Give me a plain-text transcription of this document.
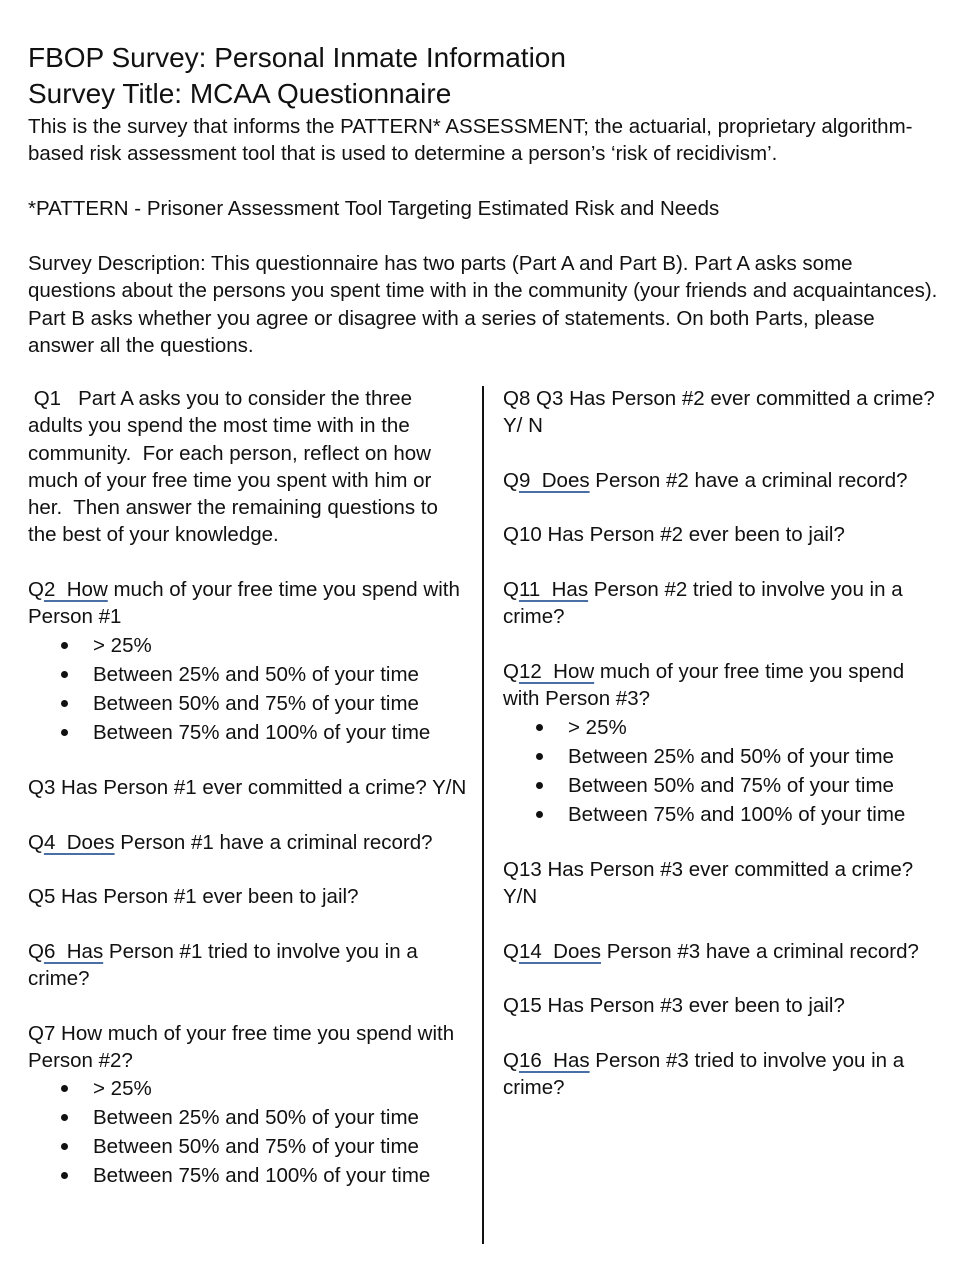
FBOP Survey: Personal Inmate Information
Survey Title: MCAA Questionnaire

This is the survey that informs the PATTERN* ASSESSMENT; the actuarial, proprietary algorithm-based risk assessment tool that is used to determine a person’s ‘risk of recidivism’.

*PATTERN - Prisoner Assessment Tool Targeting Estimated Risk and Needs

Survey Description: This questionnaire has two parts (Part A and Part B). Part A asks some questions about the persons you spent time with in the community (your friends and acquaintances). Part B asks whether you agree or disagree with a series of statements. On both Parts, please answer all the questions.

Q1   Part A asks you to consider the three adults you spend the most time with in the community.  For each person, reflect on how much of your free time you spent with him or her.  Then answer the remaining questions to the best of your knowledge.

Q2  How much of your free time you spend with Person #1
> 25%
Between 25% and 50% of your time
Between 50% and 75% of your time
Between 75% and 100% of your time

Q3 Has Person #1 ever committed a crime? Y/N

Q4  Does Person #1 have a criminal record?

Q5 Has Person #1 ever been to jail?

Q6  Has Person #1 tried to involve you in a crime?

Q7 How much of your free time you spend with Person #2?
> 25%
Between 25% and 50% of your time
Between 50% and 75% of your time
Between 75% and 100% of your time

Q8 Q3 Has Person #2 ever committed a crime?   Y/ N

Q9  Does Person #2 have a criminal record?

Q10 Has Person #2 ever been to jail?

Q11  Has Person #2 tried to involve you in a crime?

Q12  How much of your free time you spend with Person #3?
> 25%
Between 25% and 50% of your time
Between 50% and 75% of your time
Between 75% and 100% of your time

Q13 Has Person #3 ever committed a crime?  Y/N

Q14  Does Person #3 have a criminal record?

Q15 Has Person #3 ever been to jail?

Q16  Has Person #3 tried to involve you in a crime?
